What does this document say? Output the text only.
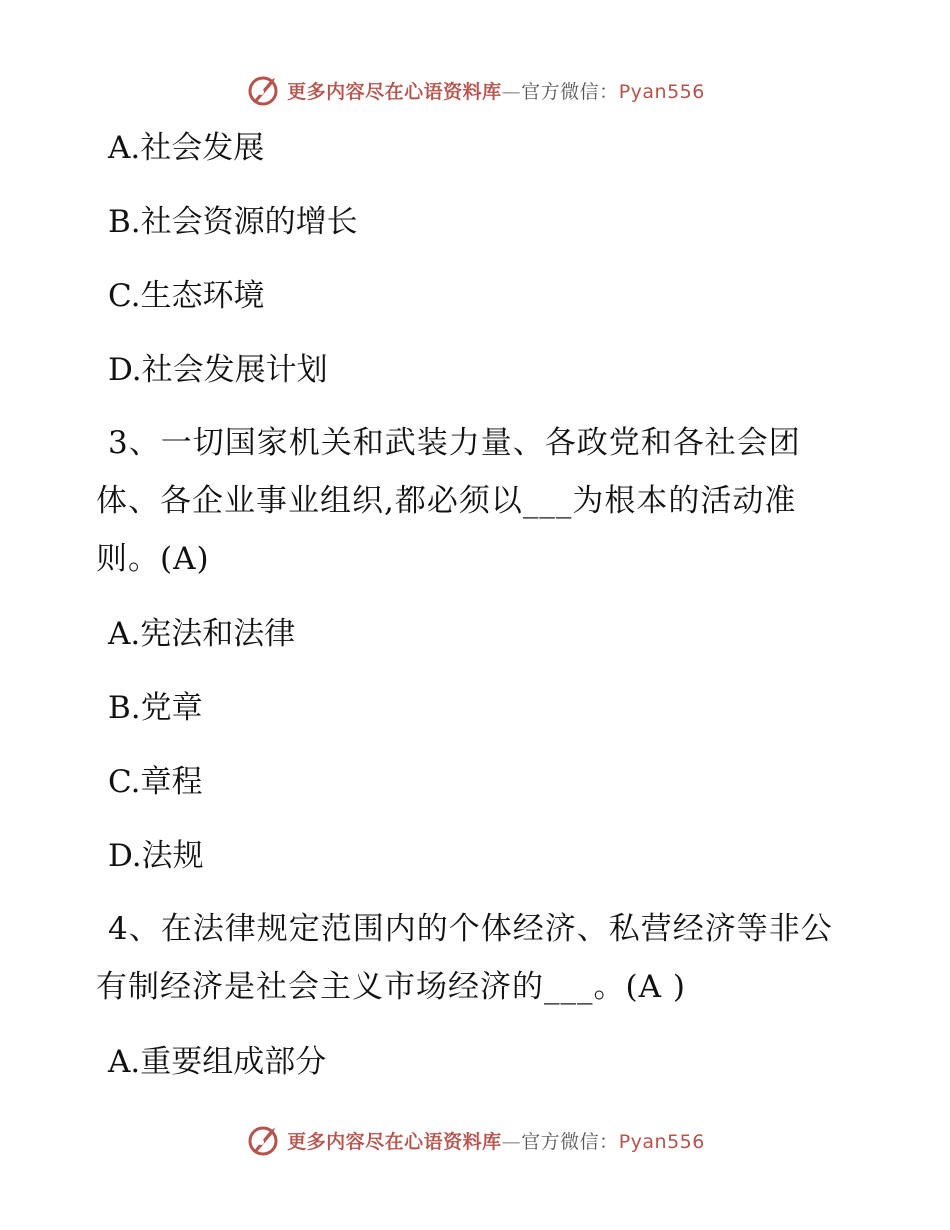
更多内容尽在心语资料库—官方微信：Pyan556

A.社会发展

B.社会资源的增长

C.生态环境

D.社会发展计划

3、一切国家机关和武装力量、各政党和各社会团体、各企业事业组织,都必须以___为根本的活动准则。(A)

A.宪法和法律

B.党章

C.章程

D.法规

4、在法律规定范围内的个体经济、私营经济等非公有制经济是社会主义市场经济的___。(A )

A.重要组成部分

更多内容尽在心语资料库—官方微信：Pyan556
